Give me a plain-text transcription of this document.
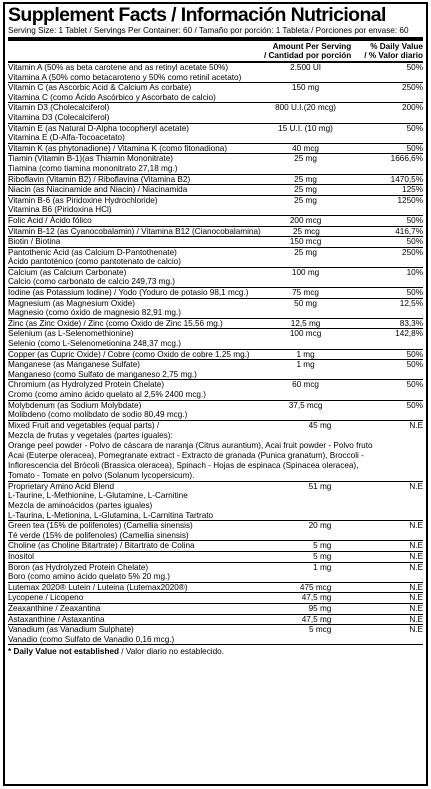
Supplement Facts / Información Nutricional
Serving Size: 1 Tablet / Servings Per Container: 60 / Tamaño por porción: 1 Tableta / Porciones por envase: 60
Amount Per Serving
/ Cantidad por porción
% Daily Value
/ % Valor diario
Vitamin A (50% as beta carotene and as retinyl acetate 50%)
Vitamina A (50% como betacaroteno y 50% como retinil acetato)
2.500 UI	50%
Vitamin C (as Ascorbic Acid & Calcium As corbate)
Vitamina C (como Ácido Ascórbico y Ascorbato de calcio)
150 mg	250%
Vitamin D3 (Cholecalciferol)
Vitamina D3 (Colecalciferol)
800 U.I.(20 mcg)	200%
Vitamin E (as Natural D-Alpha tocopheryl acetate)
Vitamina E (D-Alfa-Tocoacetato)
15 U.I. (10 mg)	50%
Vitamin K (as phytonadione) / Vitamina K (como fitonadiona)	40 mcg	50%
Tiamin (Vitamin B-1)(as Thiamin Mononitrate)
Tiamina (como tiamina mononitrato 27,18 mg.)
25 mg	1666,6%
Riboflavin (Vitamin B2) / Riboflavina (Vitamina B2)	25 mg	1470,5%
Niacin (as Niacinamide and Niacin) / Niacinamida	25 mg	125%
Vitamin B-6 (as Piridoxine Hydrochloride)
Vitamina B6 (Piridoxina HCl)
25 mg	1250%
Folic Acid / Ácido fólico	200 mcg	50%
Vitamin B-12 (as Cyanocobalamin) / Vitamina B12 (Cianocobalamina)	25 mcg	416,7%
Biotin / Biotina	150 mcg	50%
Pantothenic Acid (as Calcium D-Pantothenate)
Ácido pantoténico (como pantotenato de calcio)
25 mg	250%
Calcium (as Calcium Carbonate)
Calcio (como carbonato de calcio 249,73 mg.)
100 mg	10%
Iodine (as Potassium Iodine) / Yodo (Yoduro de potasio 98,1 mcg.)	75 mcg	50%
Magnesium (as Magnesium Oxide)
Magnesio (como óxido de magnesio 82,91 mg.)
50 mg	12,5%
Zinc (as Zinc Oxide) / Zinc (como Óxido de Zinc 15,56 mg.)	12,5 mg	83,3%
Selenium (as L-Selenomethionine)
Selenio (como L-Selenometionina 248,37 mcg.)
100 mcg	142,8%
Copper (as Cupric Oxide) / Cobre (como Oxido de cobre 1,25 mg.)	1 mg	50%
Manganese (as Manganese Sulfate)
Manganeso (como Sulfato de manganeso 2,75 mg.)
1 mg	50%
Chromium (as Hydrolyzed Protein Chelate)
Cromo (como amino ácido quelato al 2,5% 2400 mcg.)
60 mcg	50%
Molybdenum (as Sodium Molybdate)
Molibdeno (como molibdato de sodio 80,49 mcg.)
37,5 mcg	50%
Mixed Fruit and vegetables (equal parts) /
Mezcla de frutas y vegetales (partes iguales):
45 mg	N.E
Orange peel powder - Polvo de cáscara de naranja (Citrus aurantium), Acai fruit powder - Polvo fruto
Acai (Euterpe oleracea), Pomegranate extract - Extracto de granada (Punica granatum), Broccoli -
Inflorescencia del Brócoli (Brassica oleracea), Spinach - Hojas de espinaca (Spinacea oleracea),
Tomato - Tomate en polvo (Solanum lycopersicum).
Proprietary Amino Acid Blend
L-Taurine, L-Methionine, L-Glutamine, L-Carnitine
Mezcla de aminoácidos (partes iguales)
L-Taurina, L-Metionina, L-Glutamina, L-Carnitina Tartrato
51 mg	N.E
Green tea (15% de polifenoles) (Camellia sinensis)
Té verde (15% de polifenoles) (Camellia sinensis)
20 mg	N.E
Choline (as Choline Bitartrate) / Bitartrato de Colina	5 mg	N.E
Inositol	5 mg	N.E
Boron (as Hydrolyzed Protein Chelate)
Boro (como amino ácido quelato 5% 20 mg.)
1 mg	N.E
Lutemax 2020® Lutein / Luteina (Lutemax2020®)	475 mcg	N.E
Lycopene / Licopeno	47,5 mg	N.E
Zeaxanthine / Zeaxantina	95 mg	N.E
Astaxanthine / Astaxantina	47,5 mg	N.E
Vanadium (as Vanadium Sulphate)
Vanadio (como Sulfato de Vanadio 0,16 mcg.)
5 mcg	N.E
* Daily Value not established / Valor diario no establecido.
